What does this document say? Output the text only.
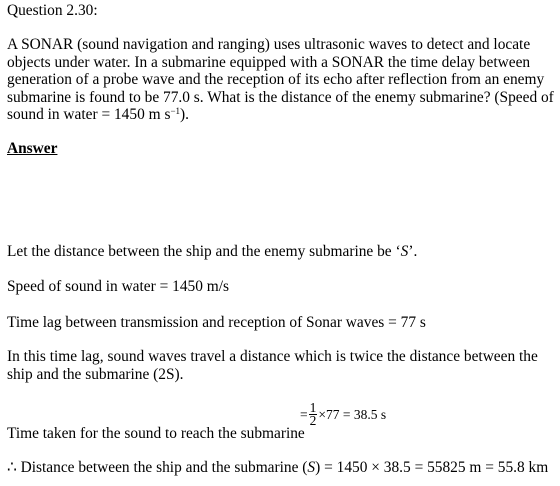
Question 2.30:
A SONAR (sound navigation and ranging) uses ultrasonic waves to detect and locate objects under water. In a submarine equipped with a SONAR the time delay between generation of a probe wave and the reception of its echo after reflection from an enemy submarine is found to be 77.0 s. What is the distance of the enemy submarine? (Speed of sound in water = 1450 m $s^{-1}$).
Answer
Let the distance between the ship and the enemy submarine be ‘S’.
Speed of sound in water = 1450 m/s
Time lag between transmission and reception of Sonar waves = 77 s
In this time lag, sound waves travel a distance which is twice the distance between the ship and the submarine (2S).
= $\frac{1}{2} \times 77 = 38.5$ s
Time taken for the sound to reach the submarine
∴ Distance between the ship and the submarine (S) = 1450 × 38.5 = 55825 m = 55.8 km
